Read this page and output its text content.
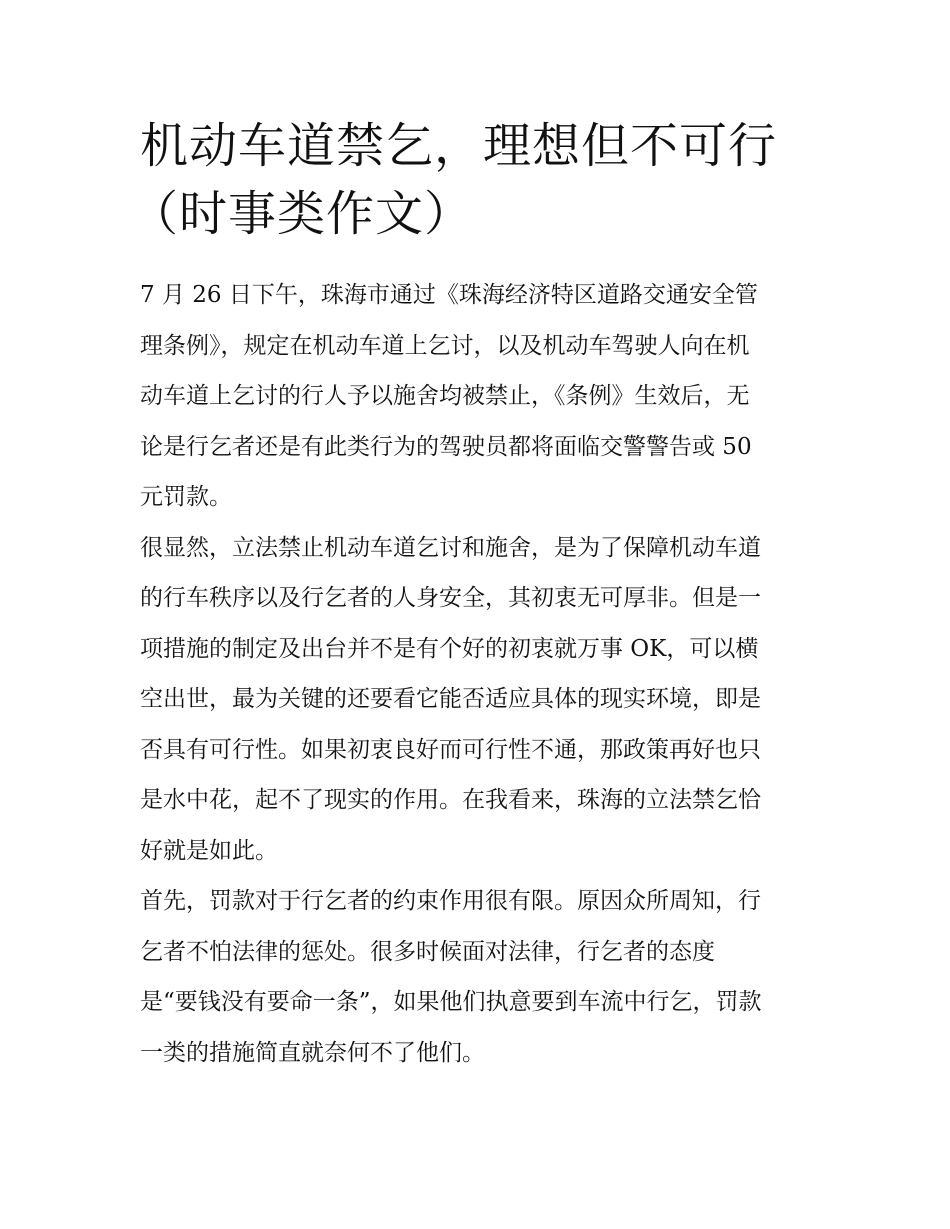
机动车道禁乞，理想但不可行
（时事类作文）

7 月 26 日下午，珠海市通过《珠海经济特区道路交通安全管
理条例》，规定在机动车道上乞讨，以及机动车驾驶人向在机
动车道上乞讨的行人予以施舍均被禁止，《条例》生效后，无
论是行乞者还是有此类行为的驾驶员都将面临交警警告或 50
元罚款。

很显然，立法禁止机动车道乞讨和施舍，是为了保障机动车道
的行车秩序以及行乞者的人身安全，其初衷无可厚非。但是一
项措施的制定及出台并不是有个好的初衷就万事 OK，可以横
空出世，最为关键的还要看它能否适应具体的现实环境，即是
否具有可行性。如果初衷良好而可行性不通，那政策再好也只
是水中花，起不了现实的作用。在我看来，珠海的立法禁乞恰
好就是如此。

首先，罚款对于行乞者的约束作用很有限。原因众所周知，行
乞者不怕法律的惩处。很多时候面对法律，行乞者的态度
是“要钱没有要命一条”，如果他们执意要到车流中行乞，罚款
一类的措施简直就奈何不了他们。
